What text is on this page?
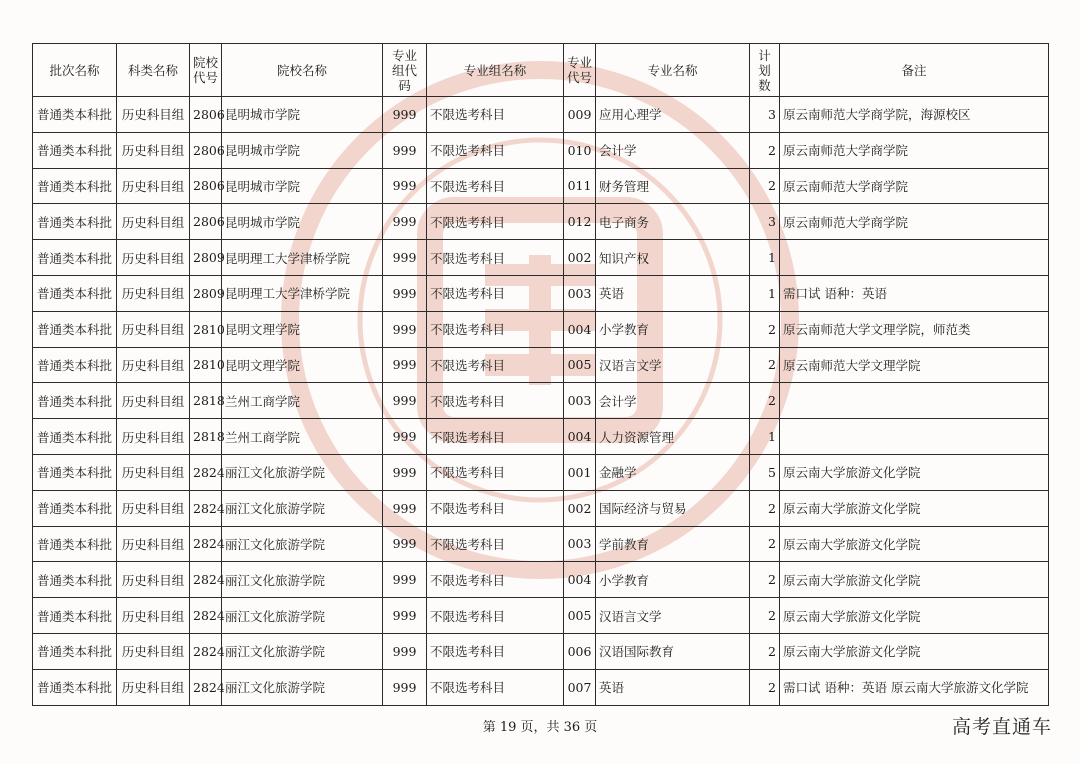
批次名称	科类名称	院校代号	院校名称	专业组代码	专业组名称	专业代号	专业名称	计划数	备注
普通类本科批	历史科目组	2806	昆明城市学院	999	不限选考科目	009	应用心理学	3	原云南师范大学商学院，海源校区
普通类本科批	历史科目组	2806	昆明城市学院	999	不限选考科目	010	会计学	2	原云南师范大学商学院
普通类本科批	历史科目组	2806	昆明城市学院	999	不限选考科目	011	财务管理	2	原云南师范大学商学院
普通类本科批	历史科目组	2806	昆明城市学院	999	不限选考科目	012	电子商务	3	原云南师范大学商学院
普通类本科批	历史科目组	2809	昆明理工大学津桥学院	999	不限选考科目	002	知识产权	1	
普通类本科批	历史科目组	2809	昆明理工大学津桥学院	999	不限选考科目	003	英语	1	需口试 语种：英语
普通类本科批	历史科目组	2810	昆明文理学院	999	不限选考科目	004	小学教育	2	原云南师范大学文理学院，师范类
普通类本科批	历史科目组	2810	昆明文理学院	999	不限选考科目	005	汉语言文学	2	原云南师范大学文理学院
普通类本科批	历史科目组	2818	兰州工商学院	999	不限选考科目	003	会计学	2	
普通类本科批	历史科目组	2818	兰州工商学院	999	不限选考科目	004	人力资源管理	1	
普通类本科批	历史科目组	2824	丽江文化旅游学院	999	不限选考科目	001	金融学	5	原云南大学旅游文化学院
普通类本科批	历史科目组	2824	丽江文化旅游学院	999	不限选考科目	002	国际经济与贸易	2	原云南大学旅游文化学院
普通类本科批	历史科目组	2824	丽江文化旅游学院	999	不限选考科目	003	学前教育	2	原云南大学旅游文化学院
普通类本科批	历史科目组	2824	丽江文化旅游学院	999	不限选考科目	004	小学教育	2	原云南大学旅游文化学院
普通类本科批	历史科目组	2824	丽江文化旅游学院	999	不限选考科目	005	汉语言文学	2	原云南大学旅游文化学院
普通类本科批	历史科目组	2824	丽江文化旅游学院	999	不限选考科目	006	汉语国际教育	2	原云南大学旅游文化学院
普通类本科批	历史科目组	2824	丽江文化旅游学院	999	不限选考科目	007	英语	2	需口试 语种：英语 原云南大学旅游文化学院
第 19 页，共 36 页	高考直通车
